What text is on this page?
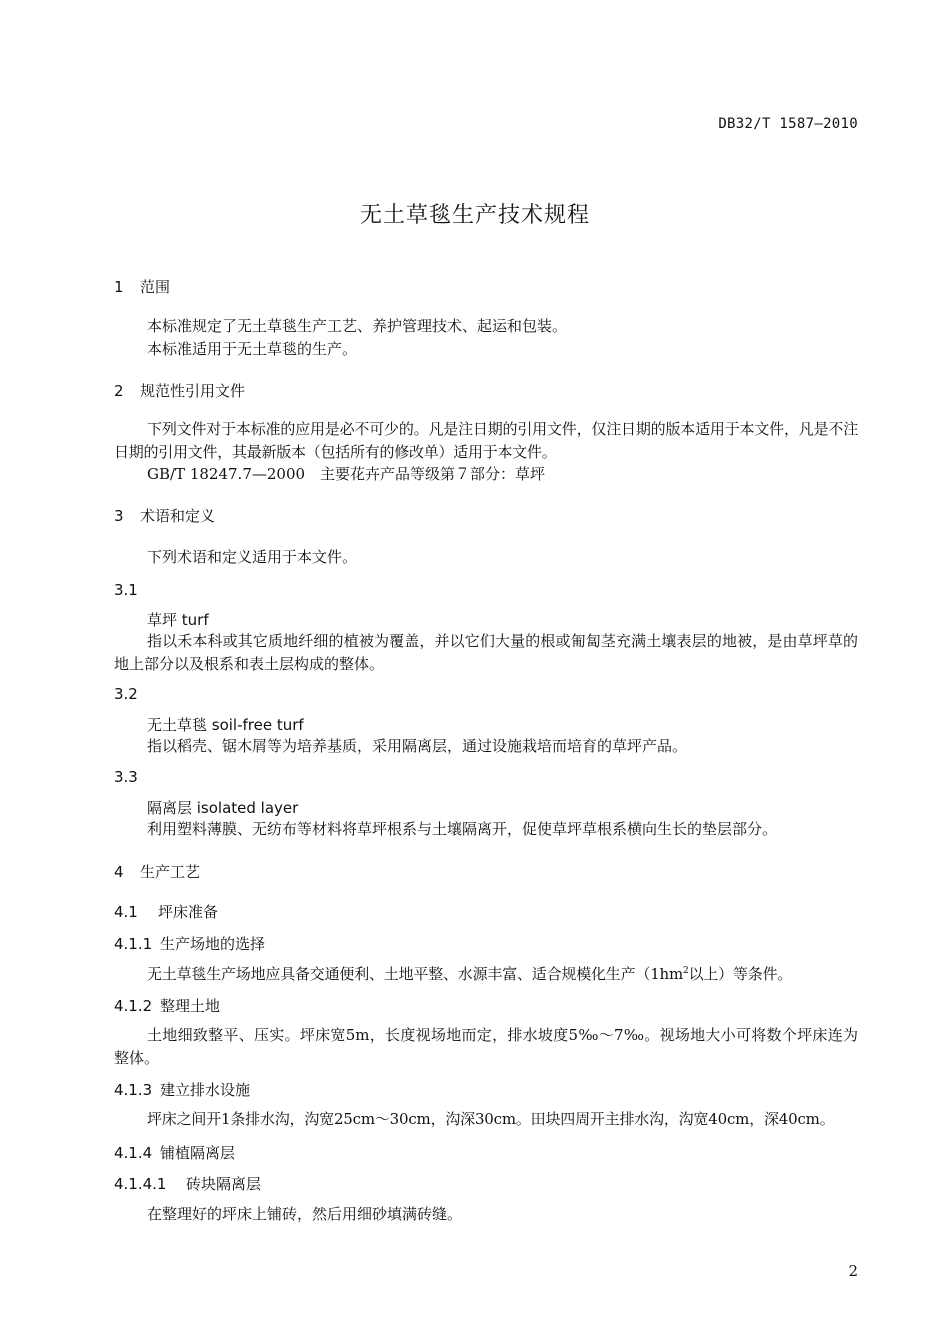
DB32/T 1587—2010
无土草毯生产技术规程
1 范围
本标准规定了无土草毯生产工艺、养护管理技术、起运和包装。
本标准适用于无土草毯的生产。
2 规范性引用文件
下列文件对于本标准的应用是必不可少的。凡是注日期的引用文件，仅注日期的版本适用于本文件，凡是不注日期的引用文件，其最新版本（包括所有的修改单）适用于本文件。
GB/T 18247.7—2000　主要花卉产品等级第７部分：草坪
3 术语和定义
下列术语和定义适用于本文件。
3.1
草坪 turf
指以禾本科或其它质地纤细的植被为覆盖，并以它们大量的根或匍匐茎充满土壤表层的地被，是由草坪草的地上部分以及根系和表土层构成的整体。
3.2
无土草毯 soil-free turf
指以稻壳、锯木屑等为培养基质，采用隔离层，通过设施栽培而培育的草坪产品。
3.3
隔离层 isolated layer
利用塑料薄膜、无纺布等材料将草坪根系与土壤隔离开，促使草坪草根系横向生长的垫层部分。
4 生产工艺
4.1 坪床准备
4.1.1 生产场地的选择
无土草毯生产场地应具备交通便利、土地平整、水源丰富、适合规模化生产（$1hm^2$以上）等条件。
4.1.2 整理土地
土地细致整平、压实。坪床宽5m，长度视场地而定，排水坡度5‰～7‰。视场地大小可将数个坪床连为整体。
4.1.3 建立排水设施
坪床之间开1条排水沟，沟宽25cm～30cm，沟深30cm。田块四周开主排水沟，沟宽40cm，深40cm。
4.1.4 铺植隔离层
4.1.4.1 砖块隔离层
在整理好的坪床上铺砖，然后用细砂填满砖缝。
2
